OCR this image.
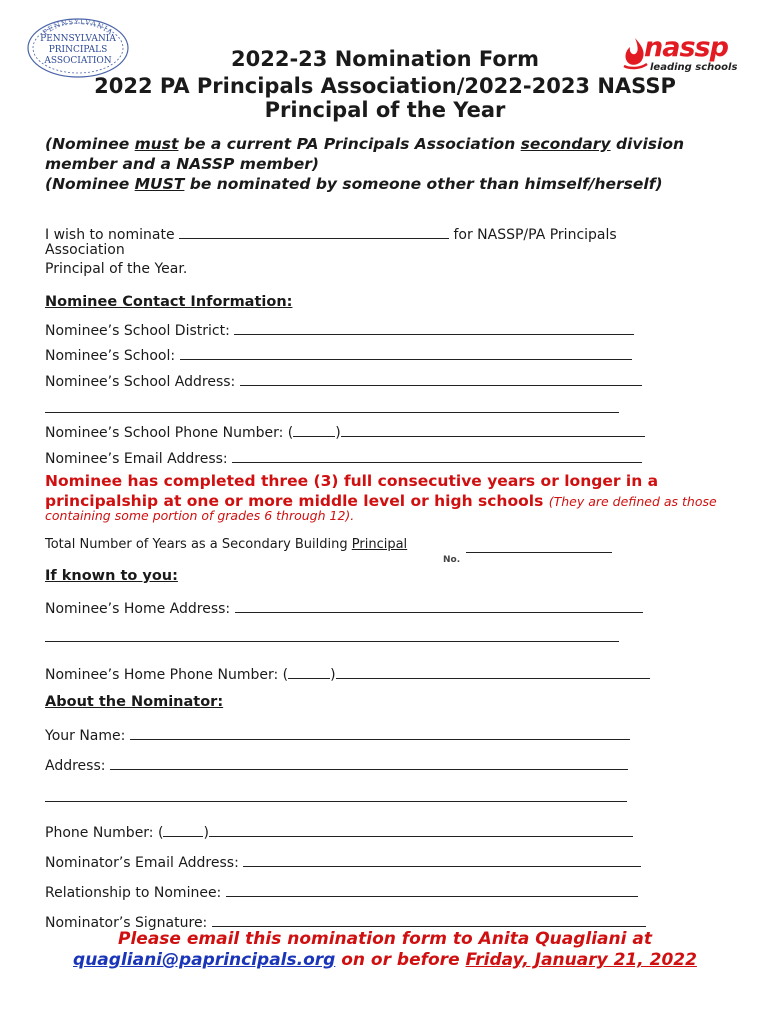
PENNSYLVANIA
PENNSYLVANIA
PRINCIPALS
ASSOCIATION	nassp
leading schools
2022-23 Nomination Form
2022 PA Principals Association/2022-2023 NASSP
Principal of the Year
(Nominee must be a current PA Principals Association secondary division
member and a NASSP member)
(Nominee MUST be nominated by someone other than himself/herself)
I wish to nominate	for NASSP/PA Principals
Association
Principal of the Year.
Nominee Contact Information:
Nominee’s School District:
Nominee’s School:
Nominee’s School Address:
Nominee’s School Phone Number: (	)
Nominee’s Email Address:
Nominee has completed three (3) full consecutive years or longer in a
principalship at one or more middle level or high schools (They are defined as those
containing some portion of grades 6 through 12).
Total Number of Years as a Secondary Building Principal
No.
If known to you:
Nominee’s Home Address:
Nominee’s Home Phone Number: (	)
About the Nominator:
Your Name:
Address:
Phone Number: (	)
Nominator’s Email Address:
Relationship to Nominee:
Nominator’s Signature:
Please email this nomination form to Anita Quagliani at
quagliani@paprincipals.org on or before Friday, January 21, 2022
